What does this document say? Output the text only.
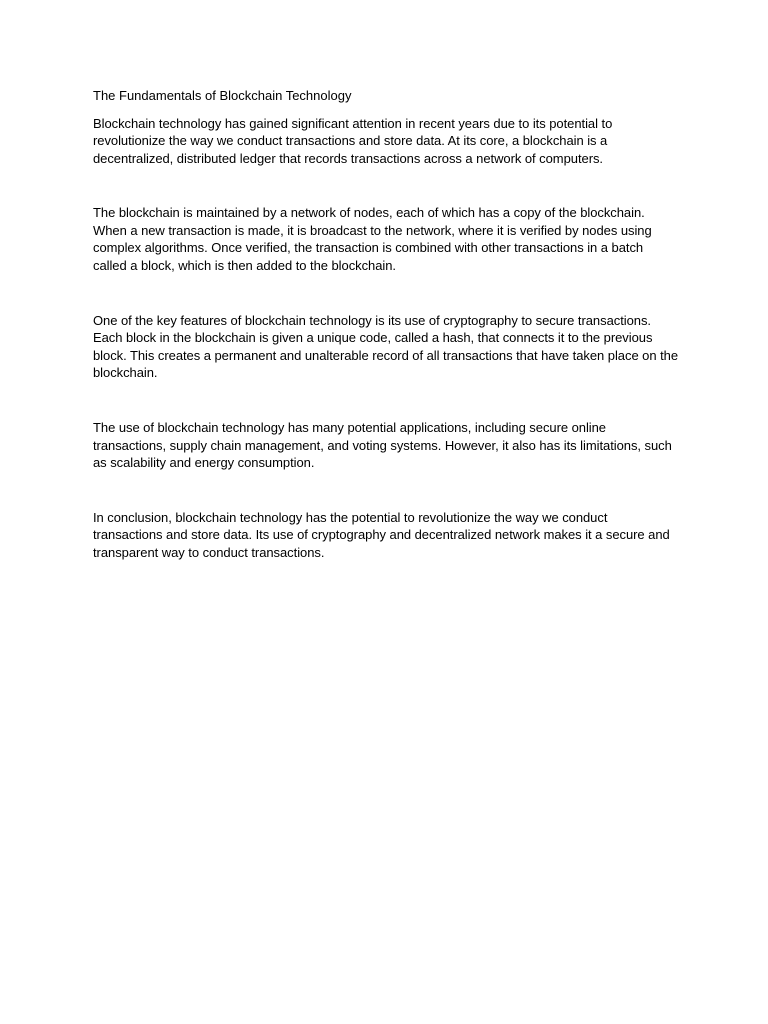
The Fundamentals of Blockchain Technology

Blockchain technology has gained significant attention in recent years due to its potential to revolutionize the way we conduct transactions and store data. At its core, a blockchain is a decentralized, distributed ledger that records transactions across a network of computers.

The blockchain is maintained by a network of nodes, each of which has a copy of the blockchain. When a new transaction is made, it is broadcast to the network, where it is verified by nodes using complex algorithms. Once verified, the transaction is combined with other transactions in a batch called a block, which is then added to the blockchain.

One of the key features of blockchain technology is its use of cryptography to secure transactions. Each block in the blockchain is given a unique code, called a hash, that connects it to the previous block. This creates a permanent and unalterable record of all transactions that have taken place on the blockchain.

The use of blockchain technology has many potential applications, including secure online transactions, supply chain management, and voting systems. However, it also has its limitations, such as scalability and energy consumption.

In conclusion, blockchain technology has the potential to revolutionize the way we conduct transactions and store data. Its use of cryptography and decentralized network makes it a secure and transparent way to conduct transactions.
